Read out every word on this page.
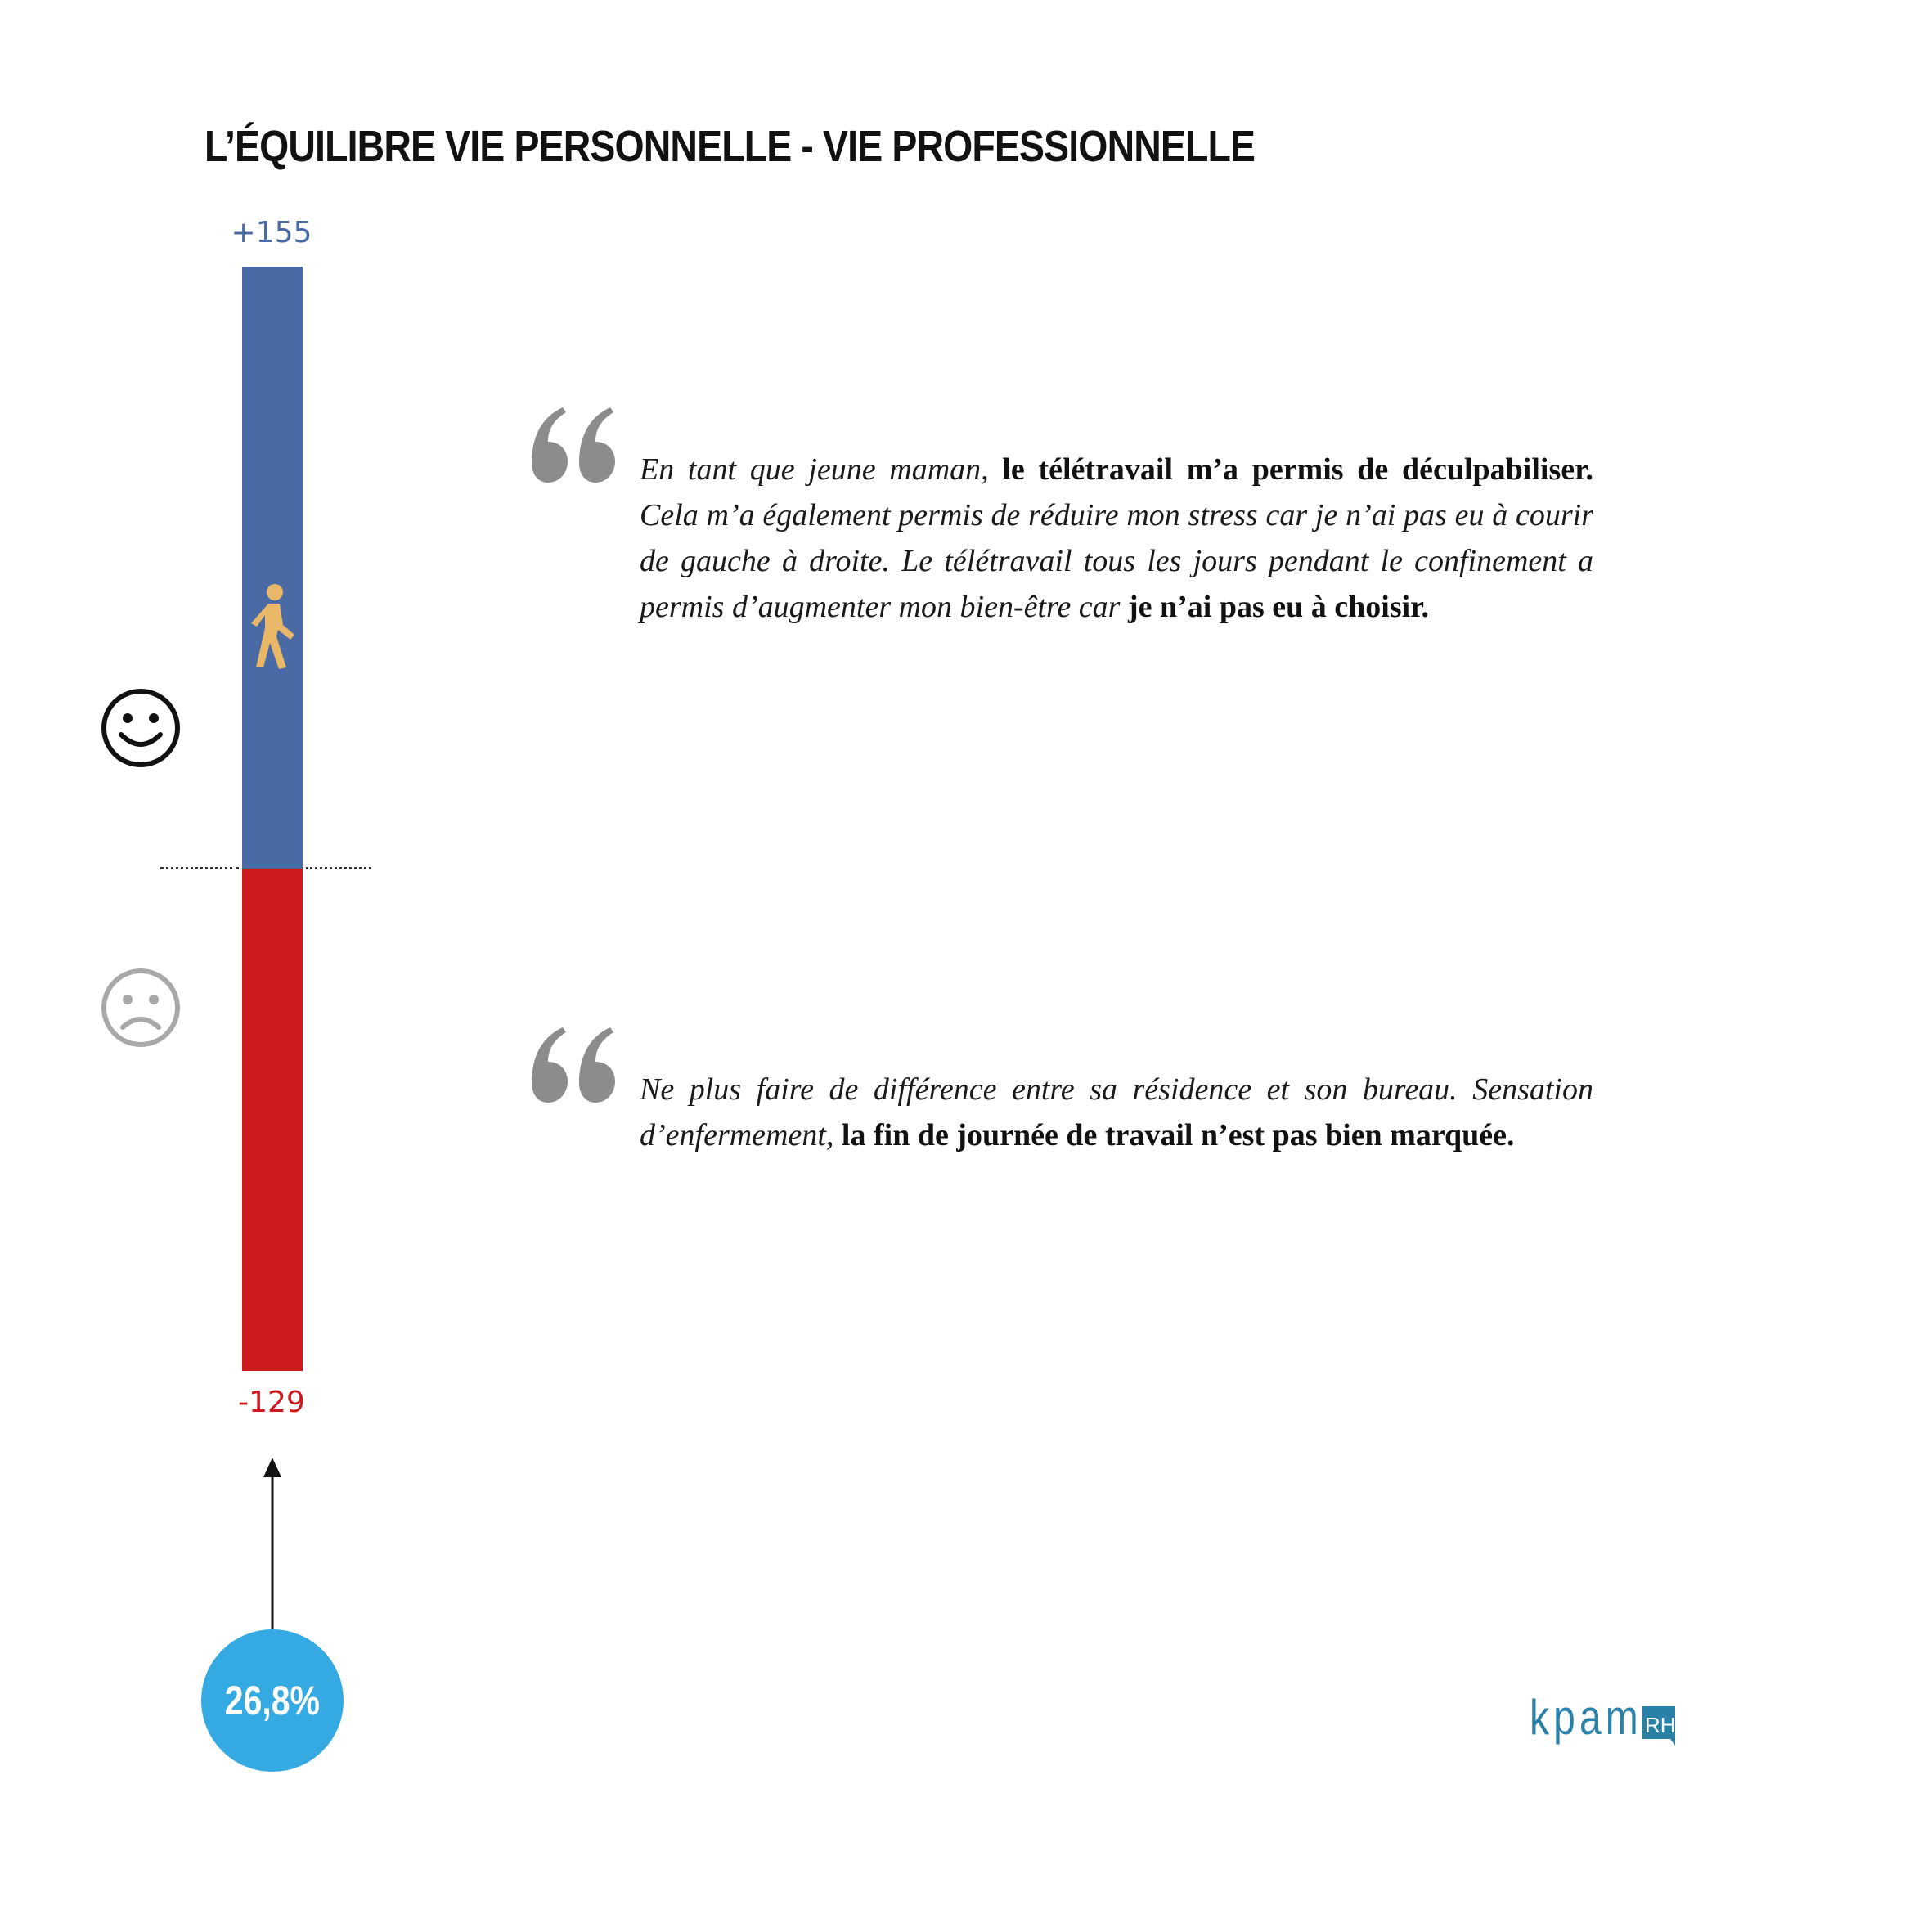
L’ÉQUILIBRE VIE PERSONNELLE - VIE PROFESSIONNELLE
+155
-129
26,8%
En tant que jeune maman, le télétravail m’a permis de déculpabiliser. Cela m’a également permis de réduire mon stress car je n’ai pas eu à courir de gauche à droite. Le télétravail tous les jours pendant le confinement a permis d’augmenter mon bien-être car je n’ai pas eu à choisir.
Ne plus faire de différence entre sa résidence et son bureau. Sensation d’enfermement, la fin de journée de travail n’est pas bien marquée.
kpam RH
